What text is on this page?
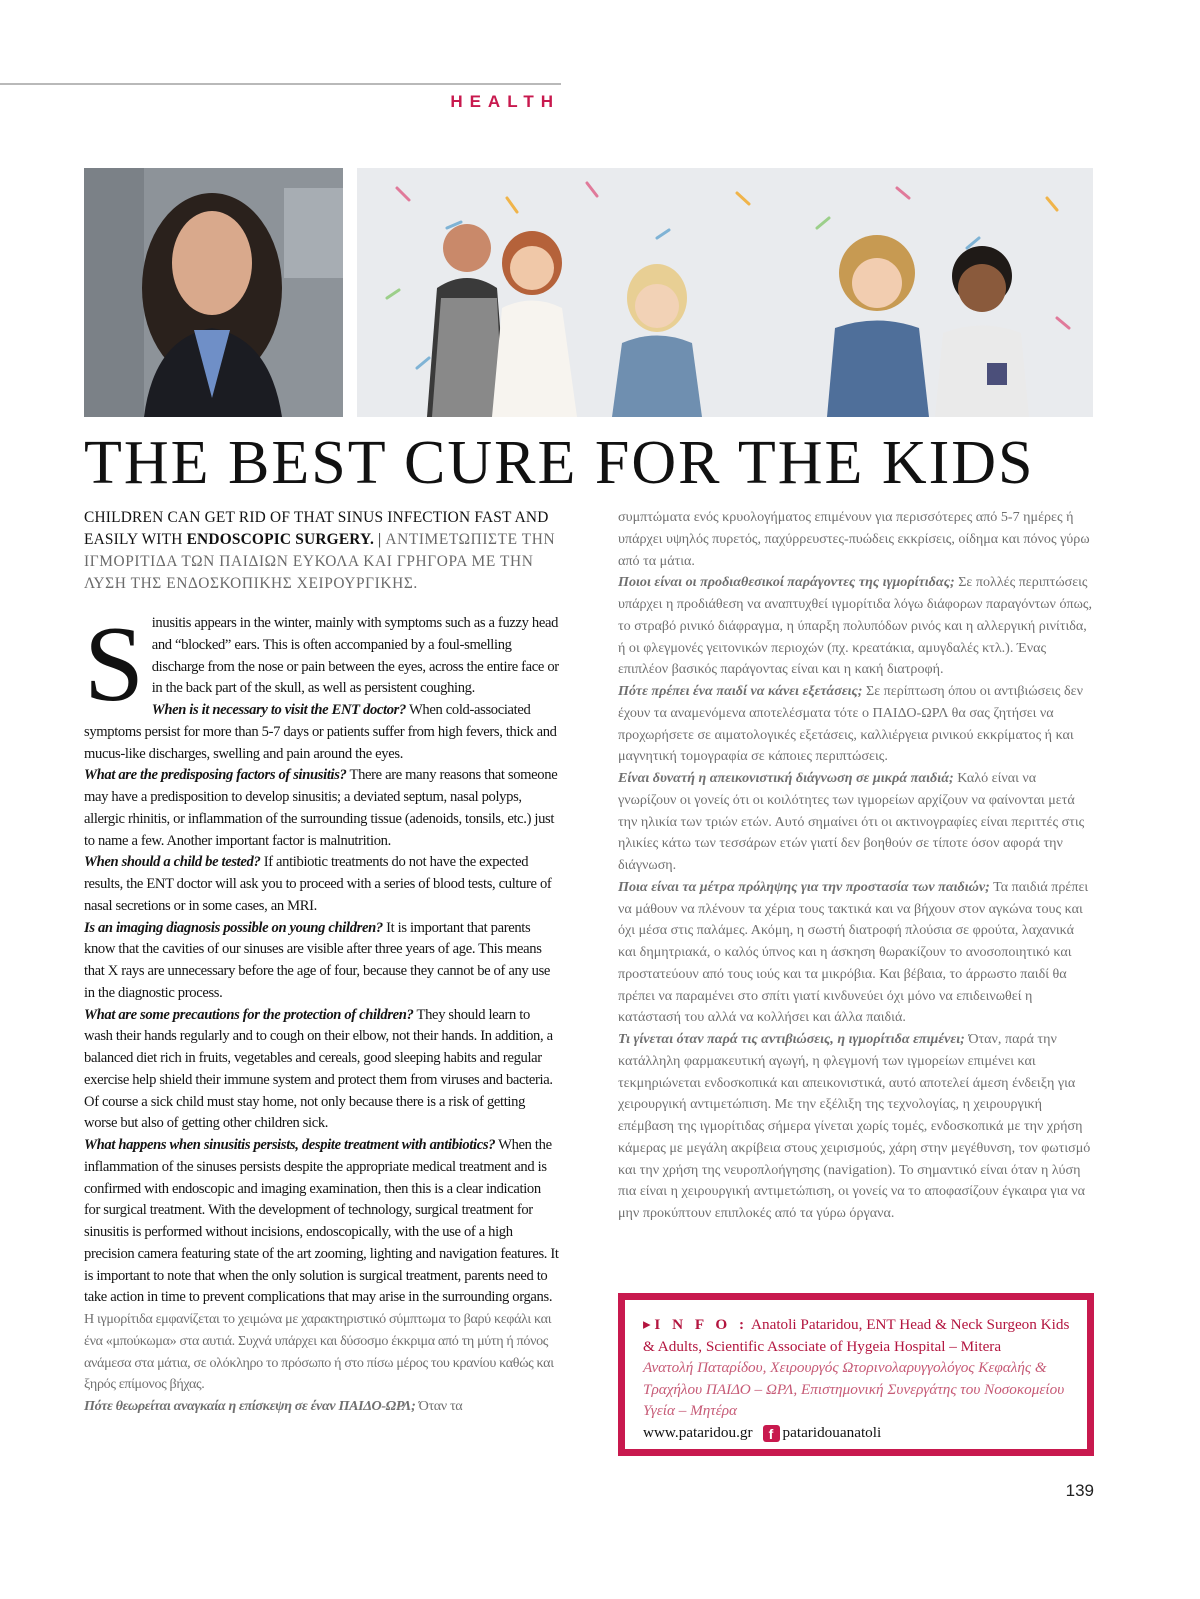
HEALTH
THE BEST CURE FOR THE KIDS
CHILDREN CAN GET RID OF THAT SINUS INFECTION FAST AND EASILY WITH ENDOSCOPIC SURGERY. | ΑΝΤΙΜΕΤΩΠΙΣΤΕ ΤΗΝ ΙΓΜΟΡΙΤΙΔΑ ΤΩΝ ΠΑΙΔΙΩΝ ΕΥΚΟΛΑ ΚΑΙ ΓΡΗΓΟΡΑ ΜΕ ΤΗΝ ΛΥΣΗ ΤΗΣ ΕΝΔΟΣΚΟΠΙΚΗΣ ΧΕΙΡΟΥΡΓΙΚΗΣ.
Sinusitis appears in the winter, mainly with symptoms such as a fuzzy head and “blocked” ears. This is often accompanied by a foul-smelling discharge from the nose or pain between the eyes, across the entire face or in the back part of the skull, as well as persistent coughing.
When is it necessary to visit the ENT doctor? When cold-associated symptoms persist for more than 5-7 days or patients suffer from high fevers, thick and mucus-like discharges, swelling and pain around the eyes.
What are the predisposing factors of sinusitis? There are many reasons that someone may have a predisposition to develop sinusitis; a deviated septum, nasal polyps, allergic rhinitis, or inflammation of the surrounding tissue (adenoids, tonsils, etc.) just to name a few. Another important factor is malnutrition.
When should a child be tested? If antibiotic treatments do not have the expected results, the ENT doctor will ask you to proceed with a series of blood tests, culture of nasal secretions or in some cases, an MRI.
Is an imaging diagnosis possible on young children? It is important that parents know that the cavities of our sinuses are visible after three years of age. This means that X rays are unnecessary before the age of four, because they cannot be of any use in the diagnostic process.
What are some precautions for the protection of children? They should learn to wash their hands regularly and to cough on their elbow, not their hands. In addition, a balanced diet rich in fruits, vegetables and cereals, good sleeping habits and regular exercise help shield their immune system and protect them from viruses and bacteria. Of course a sick child must stay home, not only because there is a risk of getting worse but also of getting other children sick.
What happens when sinusitis persists, despite treatment with antibiotics? When the inflammation of the sinuses persists despite the appropriate medical treatment and is confirmed with endoscopic and imaging examination, then this is a clear indication for surgical treatment. With the development of technology, surgical treatment for sinusitis is performed without incisions, endoscopically, with the use of a high precision camera featuring state of the art zooming, lighting and navigation features. It is important to note that when the only solution is surgical treatment, parents need to take action in time to prevent complications that may arise in the surrounding organs.

Η ιγμορίτιδα εμφανίζεται το χειμώνα με χαρακτηριστικό σύμπτωμα το βαρύ κεφάλι και ένα «μπούκωμα» στα αυτιά. Συχνά υπάρχει και δύσοσμο έκκριμα από τη μύτη ή πόνος ανάμεσα στα μάτια, σε ολόκληρο το πρόσωπο ή στο πίσω μέρος του κρανίου καθώς και ξηρός επίμονος βήχας.
Πότε θεωρείται αναγκαία η επίσκεψη σε έναν ΠΑΙΔΟ-ΩΡΛ; Όταν τα
συμπτώματα ενός κρυολογήματος επιμένουν για περισσότερες από 5-7 ημέρες ή υπάρχει υψηλός πυρετός, παχύρρευστες-πυώδεις εκκρίσεις, οίδημα και πόνος γύρω από τα μάτια.
Ποιοι είναι οι προδιαθεσικοί παράγοντες της ιγμορίτιδας; Σε πολλές περιπτώσεις υπάρχει η προδιάθεση να αναπτυχθεί ιγμορίτιδα λόγω διάφορων παραγόντων όπως, το στραβό ρινικό διάφραγμα, η ύπαρξη πολυπόδων ρινός και η αλλεργική ρινίτιδα, ή οι φλεγμονές γειτονικών περιοχών (πχ. κρεατάκια, αμυγδαλές κτλ.). Ένας επιπλέον βασικός παράγοντας είναι και η κακή διατροφή.
Πότε πρέπει ένα παιδί να κάνει εξετάσεις; Σε περίπτωση όπου οι αντιβιώσεις δεν έχουν τα αναμενόμενα αποτελέσματα τότε ο ΠΑΙΔΟ-ΩΡΛ θα σας ζητήσει να προχωρήσετε σε αιματολογικές εξετάσεις, καλλιέργεια ρινικού εκκρίματος ή και μαγνητική τομογραφία σε κάποιες περιπτώσεις.
Είναι δυνατή η απεικονιστική διάγνωση σε μικρά παιδιά; Καλό είναι να γνωρίζουν οι γονείς ότι οι κοιλότητες των ιγμορείων αρχίζουν να φαίνονται μετά την ηλικία των τριών ετών. Αυτό σημαίνει ότι οι ακτινογραφίες είναι περιττές στις ηλικίες κάτω των τεσσάρων ετών γιατί δεν βοηθούν σε τίποτε όσον αφορά την διάγνωση.
Ποια είναι τα μέτρα πρόληψης για την προστασία των παιδιών; Τα παιδιά πρέπει να μάθουν να πλένουν τα χέρια τους τακτικά και να βήχουν στον αγκώνα τους και όχι μέσα στις παλάμες. Ακόμη, η σωστή διατροφή πλούσια σε φρούτα, λαχανικά και δημητριακά, ο καλός ύπνος και η άσκηση θωρακίζουν το ανοσοποιητικό και προστατεύουν από τους ιούς και τα μικρόβια. Και βέβαια, το άρρωστο παιδί θα πρέπει να παραμένει στο σπίτι γιατί κινδυνεύει όχι μόνο να επιδεινωθεί η κατάστασή του αλλά να κολλήσει και άλλα παιδιά.
Τι γίνεται όταν παρά τις αντιβιώσεις, η ιγμορίτιδα επιμένει; Όταν, παρά την κατάλληλη φαρμακευτική αγωγή, η φλεγμονή των ιγμορείων επιμένει και τεκμηριώνεται ενδοσκοπικά και απεικονιστικά, αυτό αποτελεί άμεση ένδειξη για χειρουργική αντιμετώπιση. Με την εξέλιξη της τεχνολογίας, η χειρουργική επέμβαση της ιγμορίτιδας σήμερα γίνεται χωρίς τομές, ενδοσκοπικά με την χρήση κάμερας με μεγάλη ακρίβεια στους χειρισμούς, χάρη στην μεγέθυνση, τον φωτισμό και την χρήση της νευροπλοήγησης (navigation). Το σημαντικό είναι όταν η λύση πια είναι η χειρουργική αντιμετώπιση, οι γονείς να το αποφασίζουν έγκαιρα για να μην προκύπτουν επιπλοκές από τα γύρω όργανα.
▸ I N F O : Anatoli Pataridou, ENT Head & Neck Surgeon Kids & Adults, Scientific Associate of Hygeia Hospital – Mitera
Ανατολή Παταρίδου, Χειρουργός Ωτορινολαρυγγολόγος Κεφαλής & Τραχήλου ΠΑΙΔΟ – ΩΡΛ, Επιστημονική Συνεργάτης του Νοσοκομείου Υγεία – Μητέρα
www.pataridou.gr f pataridouanatoli
139
